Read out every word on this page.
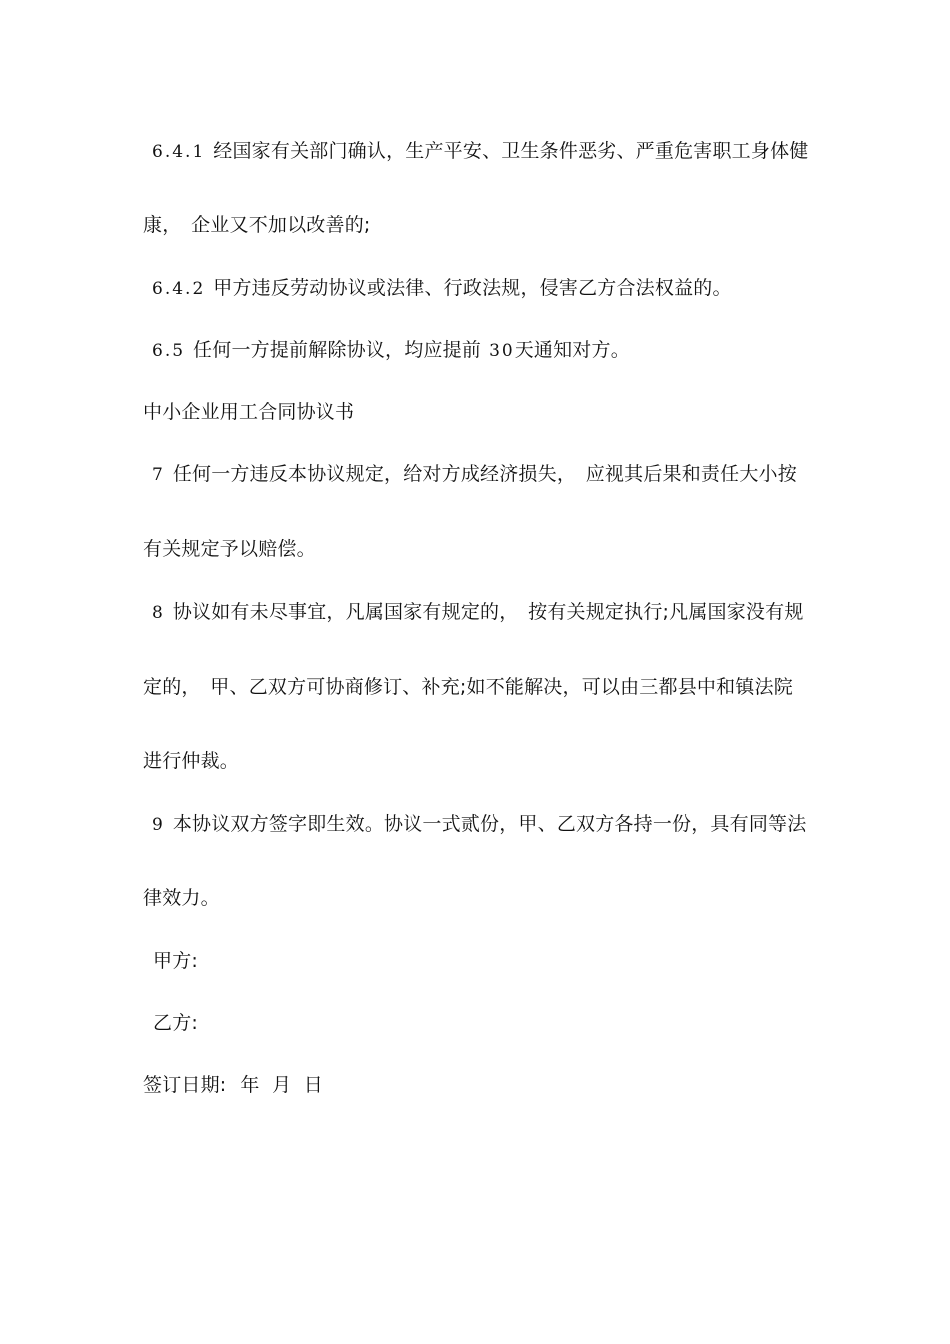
6.4.1 经国家有关部门确认，生产平安、卫生条件恶劣、严重危害职工身体健
康，　企业又不加以改善的;
6.4.2 甲方违反劳动协议或法律、行政法规，侵害乙方合法权益的。
6.5 任何一方提前解除协议，均应提前 30天通知对方。
中小企业用工合同协议书
7 任何一方违反本协议规定，给对方成经济损失，　应视其后果和责任大小按
有关规定予以赔偿。
8 协议如有未尽事宜，凡属国家有规定的，　按有关规定执行;凡属国家没有规
定的，　甲、乙双方可协商修订、补充;如不能解决，可以由三都县中和镇法院
进行仲裁。
9 本协议双方签字即生效。协议一式贰份，甲、乙双方各持一份，具有同等法
律效力。
甲方:
乙方:
签订日期: 年  月  日
